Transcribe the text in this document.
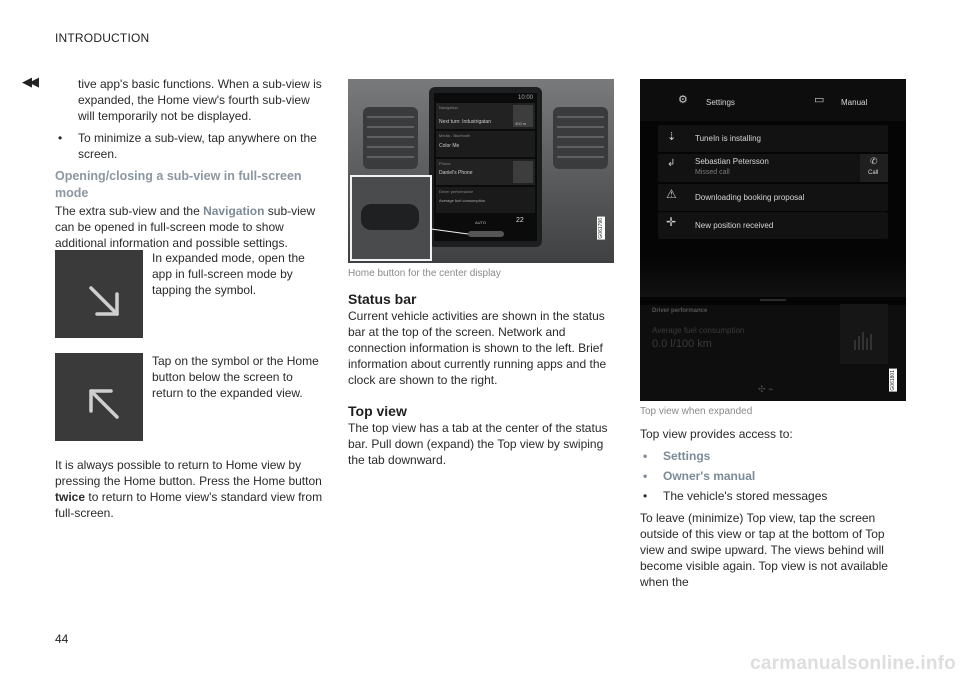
INTRODUCTION
◀◀
44

tive app's basic functions. When a sub-view is expanded, the Home view's fourth sub-view will temporarily not be displayed.

• To minimize a sub-view, tap anywhere on the screen.

Opening/closing a sub-view in full-screen mode

The extra sub-view and the Navigation sub-view can be opened in full-screen mode to show additional information and possible settings.

In expanded mode, open the app in full-screen mode by tapping the symbol.

Tap on the symbol or the Home button below the screen to return to the expanded view.

It is always possible to return to Home view by pressing the Home button. Press the Home button twice to return to Home view's standard view from full-screen.

10:00
Navigation
Next turn: Industrigatan	400 m
Media - Bluetooth
Color Me
Phone
Daniel's Phone
Driver performance
Average fuel consumption
AUTO	22	G061796
Home button for the center display
Status bar

Current vehicle activities are shown in the status bar at the top of the screen. Network and connection information is shown to the left. Brief information about currently running apps and the clock are shown to the right.

Top view

The top view has a tab at the center of the status bar. Pull down (expand) the Top view by swiping the tab downward.

⚙ Settings	▭ Manual
⇣ TuneIn is installing
↲ Sebastian Petersson
Missed call
✆
Call
⚠ Downloading booking proposal
✛ New position received
Driver performance
Average fuel consumption
0.0 l/100 km
✣ ⌁	G061801
Top view when expanded

Top view provides access to:

• Settings

• Owner's manual

• The vehicle's stored messages

To leave (minimize) Top view, tap the screen outside of this view or tap at the bottom of Top view and swipe upward. The views behind will become visible again. Top view is not available when the

carmanualsonline.info
